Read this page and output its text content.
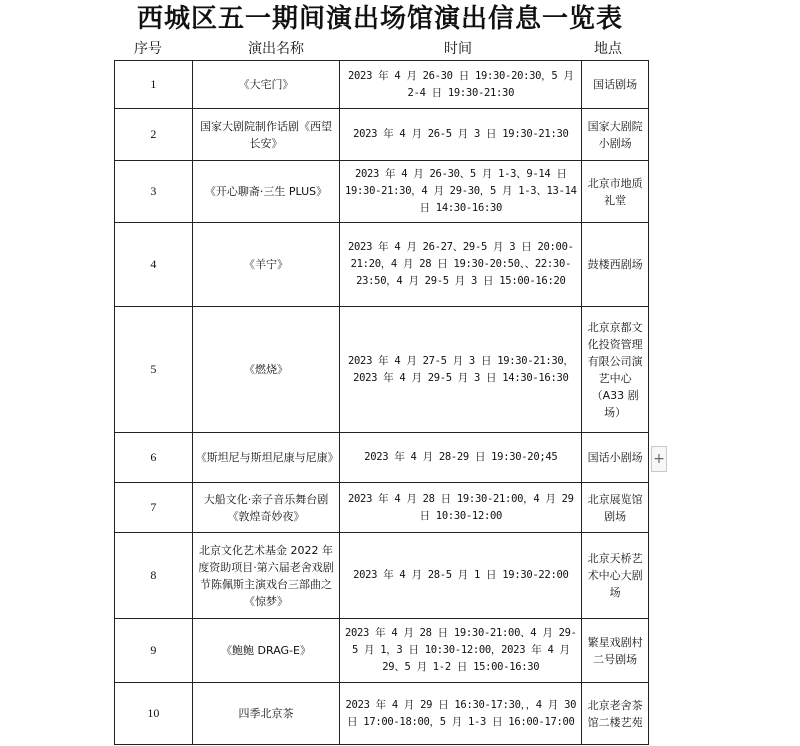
西城区五一期间演出场馆演出信息一览表
序号	演出名称	时间	地点
1	《大宅门》	2023 年 4 月 26-30 日 19:30-20:30，5 月 2-4 日 19:30-21:30	国话剧场
2	国家大剧院制作话剧《西望长安》	2023 年 4 月 26-5 月 3 日 19:30-21:30	国家大剧院小剧场
3	《开心聊斋·三生 PLUS》	2023 年 4 月 26-30、5 月 1-3、9-14 日 19:30-21:30，4 月 29-30，5 月 1-3、13-14 日 14:30-16:30	北京市地质礼堂
4	《羊宁》	2023 年 4 月 26-27、29-5 月 3 日 20:00-21:20，4 月 28 日 19:30-20:50、、22:30-23:50，4 月 29-5 月 3 日 15:00-16:20	鼓楼西剧场
5	《燃烧》	2023 年 4 月 27-5 月 3 日 19:30-21:30，2023 年 4 月 29-5 月 3 日 14:30-16:30	北京京都文化投资管理有限公司演艺中心（A33 剧场）
6	《斯坦尼与斯坦尼康与尼康》	2023 年 4 月 28-29 日 19:30-20;45	国话小剧场
7	大船文化·亲子音乐舞台剧《敦煌奇妙夜》	2023 年 4 月 28 日 19:30-21:00，4 月 29 日 10:30-12:00	北京展览馆剧场
8	北京文化艺术基金 2022 年度资助项目·第六届老舍戏剧节陈佩斯主演戏台三部曲之《惊梦》	2023 年 4 月 28-5 月 1 日 19:30-22:00	北京天桥艺术中心大剧场
9	《鲍鲍 DRAG-E》	2023 年 4 月 28 日 19:30-21:00、4 月 29-5 月 1，3 日 10:30-12:00，2023 年 4 月 29、5 月 1-2 日 15:00-16:30	繁星戏剧村二号剧场
10	四季北京茶	2023 年 4 月 29 日 16:30-17:30，，4 月 30 日 17:00-18:00，5 月 1-3 日 16:00-17:00	北京老舍茶馆二楼艺苑
+
